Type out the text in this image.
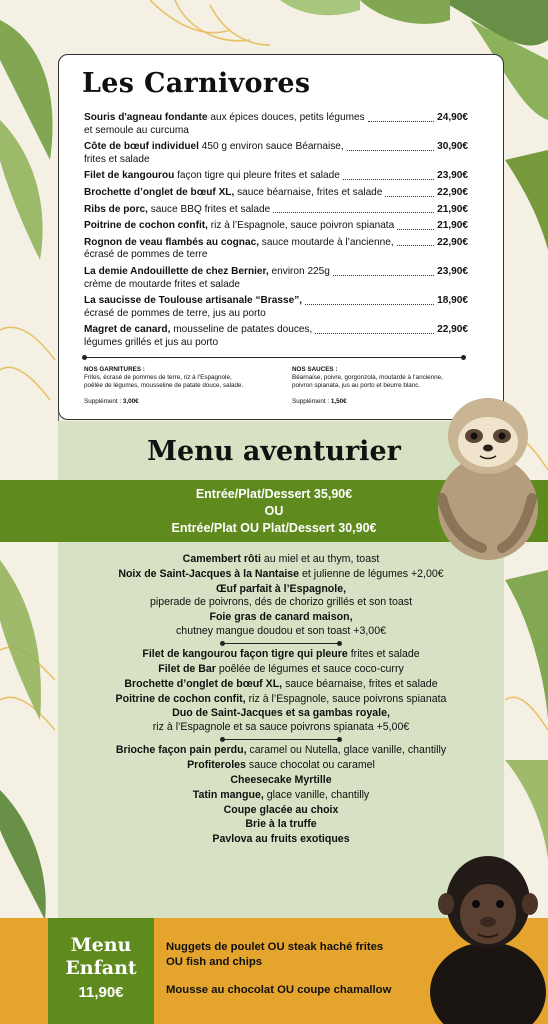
Les Carnivores
Souris d'agneau fondante aux épices douces, petits légumes	24,90€
et semoule au curcuma
Côte de bœuf individuel 450 g environ sauce Béarnaise,	30,90€
frites et salade
Filet de kangourou façon tigre qui pleure frites et salade	23,90€
Brochette d’onglet de bœuf XL, sauce béarnaise, frites et salade	22,90€
Ribs de porc, sauce BBQ frites et salade	21,90€
Poitrine de cochon confit, riz à l’Espagnole, sauce poivron spianata	21,90€
Rognon de veau flambés au cognac, sauce moutarde à l’ancienne,	22,90€
écrasé de pommes de terre
La demie Andouillette de chez Bernier, environ 225g	23,90€
crème de moutarde frites et salade
La saucisse de Toulouse artisanale “Brasse”,	18,90€
écrasé de pommes de terre, jus au porto
Magret de canard, mousseline de patates douces,	22,90€
légumes grillés et jus au porto
NOS GARNITURES :
Frites, écrasé de pommes de terre, riz à l’Espagnole,
poêlée de légumes, mousseline de patate douce, salade.
Supplément : 3,00€
NOS SAUCES :
Béarnaise, poivre, gorgonzola, moutarde à l’ancienne,
poivron spianata, jus au porto et beurre blanc.
Supplément : 1,50€
Menu aventurier
Entrée/Plat/Dessert 35,90€
OU
Entrée/Plat OU Plat/Dessert 30,90€
Camembert rôti au miel et au thym, toast
Noix de Saint-Jacques à la Nantaise et julienne de légumes +2,00€
Œuf parfait à l’Espagnole,
piperade de poivrons, dés de chorizo grillés et son toast
Foie gras de canard maison,
chutney mangue doudou et son toast +3,00€
Filet de kangourou façon tigre qui pleure frites et salade
Filet de Bar poêlée de légumes et sauce coco-curry
Brochette d’onglet de bœuf XL, sauce béarnaise, frites et salade
Poitrine de cochon confit, riz à l’Espagnole, sauce poivrons spianata
Duo de Saint-Jacques et sa gambas royale,
riz à l’Espagnole et sa sauce poivrons spianata +5,00€
Brioche façon pain perdu, caramel ou Nutella, glace vanille, chantilly
Profiteroles sauce chocolat ou caramel
Cheesecake Myrtille
Tatin mangue, glace vanille, chantilly
Coupe glacée au choix
Brie à la truffe
Pavlova au fruits exotiques
Menu
Enfant
11,90€
Nuggets de poulet OU steak haché frites
OU fish and chips
Mousse au chocolat OU coupe chamallow
